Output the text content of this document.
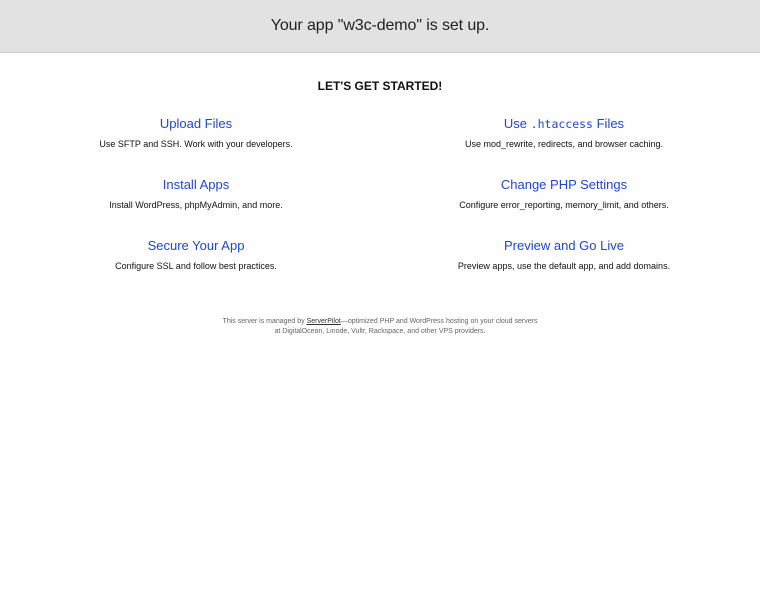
Your app "w3c-demo" is set up.
LET'S GET STARTED!
Upload Files

Use SFTP and SSH. Work with your developers.

Use .htaccess Files

Use mod_rewrite, redirects, and browser caching.

Install Apps

Install WordPress, phpMyAdmin, and more.

Change PHP Settings

Configure error_reporting, memory_limit, and others.

Secure Your App

Configure SSL and follow best practices.

Preview and Go Live

Preview apps, use the default app, and add domains.

This server is managed by ServerPilot—optimized PHP and WordPress hosting on your cloud servers at DigitalOcean, Linode, Vultr, Rackspace, and other VPS providers.
